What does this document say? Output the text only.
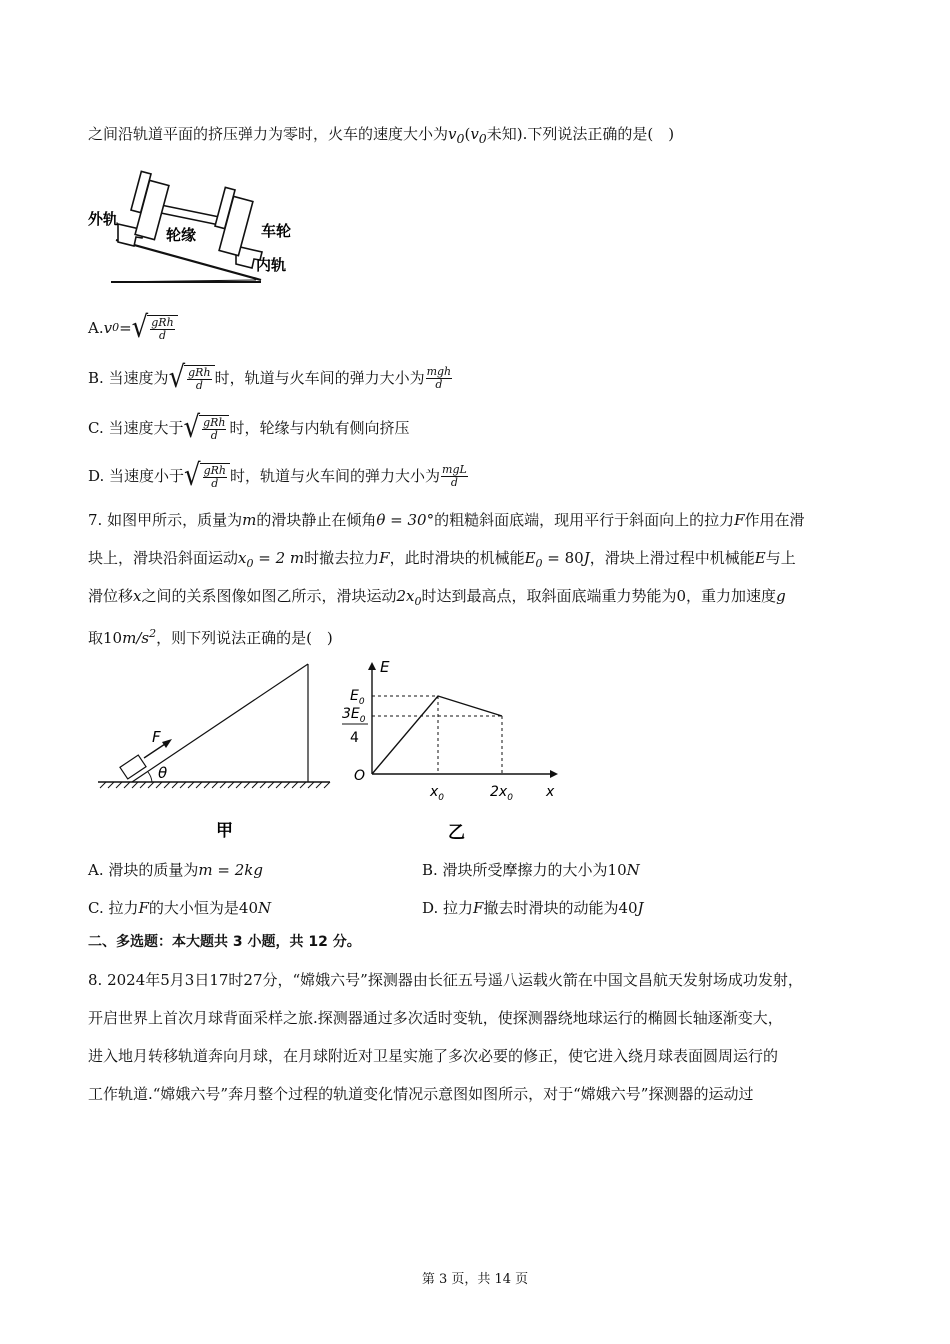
之间沿轨道平面的挤压弹力为零时，火车的速度大小为$v_0(v_0$未知).下列说法正确的是(　)
外轨
轮缘	车轮
内轨
A. v 0 = √ $\frac{\text{gRh}}{d}$
B. 当速度为 √ $\frac{\text{gRh}}{d}$ 时，轨道与火车间的弹力大小为 $\frac{\text{mgh}}{d}$
C. 当速度大于 √ $\frac{\text{gRh}}{d}$ 时，轮缘与内轨有侧向挤压
D. 当速度小于 √ $\frac{\text{gRh}}{d}$ 时，轨道与火车间的弹力大小为 $\frac{\text{mgL}}{d}$
7. 如图甲所示，质量为m的滑块静止在倾角θ = 30°的粗糙斜面底端，现用平行于斜面向上的拉力F作用在滑
块上，滑块沿斜面运动$x_0 = 2$ m时撤去拉力F，此时滑块的机械能$E_0 = 80J$，滑块上滑过程中机械能E与上
滑位移x之间的关系图像如图乙所示，滑块运动$2x_0$时达到最高点，取斜面底端重力势能为0，重力加速度g
取$10m/s^2$，则下列说法正确的是(　)
F
θ
甲
E
$E_0$
$3E_0$
4
O
$x_0$	$2x_0$ x
乙
A. 滑块的质量为m = 2kg	B. 滑块所受摩擦力的大小为10N
C. 拉力F的大小恒为是40N	D. 拉力F撤去时滑块的动能为40J
二、多选题：本大题共 3 小题，共 12 分。
8. 2024年5月3日17时27分，“嫦娥六号”探测器由长征五号遥八运载火箭在中国文昌航天发射场成功发射，
开启世界上首次月球背面采样之旅.探测器通过多次适时变轨，使探测器绕地球运行的椭圆长轴逐渐变大，
进入地月转移轨道奔向月球，在月球附近对卫星实施了多次必要的修正，使它进入绕月球表面圆周运行的
工作轨道.“嫦娥六号”奔月整个过程的轨道变化情况示意图如图所示，对于“嫦娥六号”探测器的运动过
第 3 页，共 14 页
